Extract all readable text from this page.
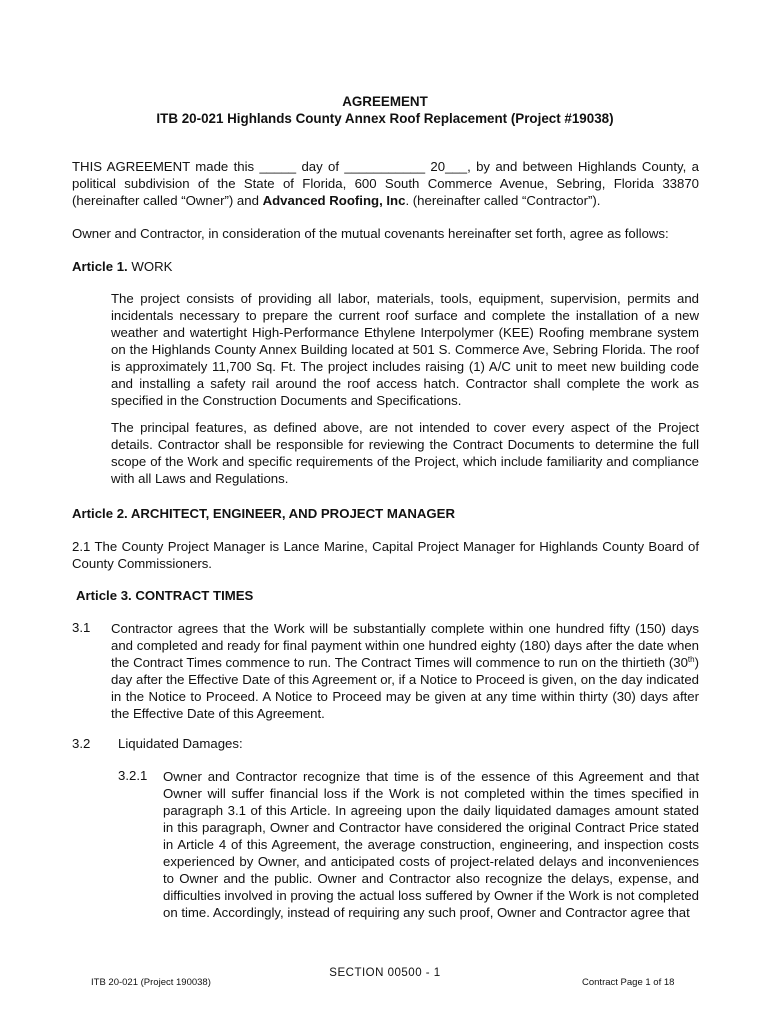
AGREEMENT
ITB 20-021 Highlands County Annex Roof Replacement (Project #19038)
THIS AGREEMENT made this _____ day of ___________ 20___, by and between Highlands County, a political subdivision of the State of Florida, 600 South Commerce Avenue, Sebring, Florida 33870 (hereinafter called “Owner”) and Advanced Roofing, Inc. (hereinafter called “Contractor”).
Owner and Contractor, in consideration of the mutual covenants hereinafter set forth, agree as follows:
Article 1. WORK
The project consists of providing all labor, materials, tools, equipment, supervision, permits and incidentals necessary to prepare the current roof surface and complete the installation of a new weather and watertight High-Performance Ethylene Interpolymer (KEE) Roofing membrane system on the Highlands County Annex Building located at 501 S. Commerce Ave, Sebring Florida. The roof is approximately 11,700 Sq. Ft. The project includes raising (1) A/C unit to meet new building code and installing a safety rail around the roof access hatch. Contractor shall complete the work as specified in the Construction Documents and Specifications.
The principal features, as defined above, are not intended to cover every aspect of the Project details. Contractor shall be responsible for reviewing the Contract Documents to determine the full scope of the Work and specific requirements of the Project, which include familiarity and compliance with all Laws and Regulations.
Article 2. ARCHITECT, ENGINEER, AND PROJECT MANAGER
2.1 The County Project Manager is Lance Marine, Capital Project Manager for Highlands County Board of County Commissioners.
Article 3. CONTRACT TIMES
3.1 Contractor agrees that the Work will be substantially complete within one hundred fifty (150) days and completed and ready for final payment within one hundred eighty (180) days after the date when the Contract Times commence to run. The Contract Times will commence to run on the thirtieth (30th) day after the Effective Date of this Agreement or, if a Notice to Proceed is given, on the day indicated in the Notice to Proceed. A Notice to Proceed may be given at any time within thirty (30) days after the Effective Date of this Agreement.
3.2 Liquidated Damages:
3.2.1 Owner and Contractor recognize that time is of the essence of this Agreement and that Owner will suffer financial loss if the Work is not completed within the times specified in paragraph 3.1 of this Article. In agreeing upon the daily liquidated damages amount stated in this paragraph, Owner and Contractor have considered the original Contract Price stated in Article 4 of this Agreement, the average construction, engineering, and inspection costs experienced by Owner, and anticipated costs of project-related delays and inconveniences to Owner and the public. Owner and Contractor also recognize the delays, expense, and difficulties involved in proving the actual loss suffered by Owner if the Work is not completed on time. Accordingly, instead of requiring any such proof, Owner and Contractor agree that
ITB 20-021 (Project 190038)
SECTION 00500 - 1
Contract Page 1 of 18
